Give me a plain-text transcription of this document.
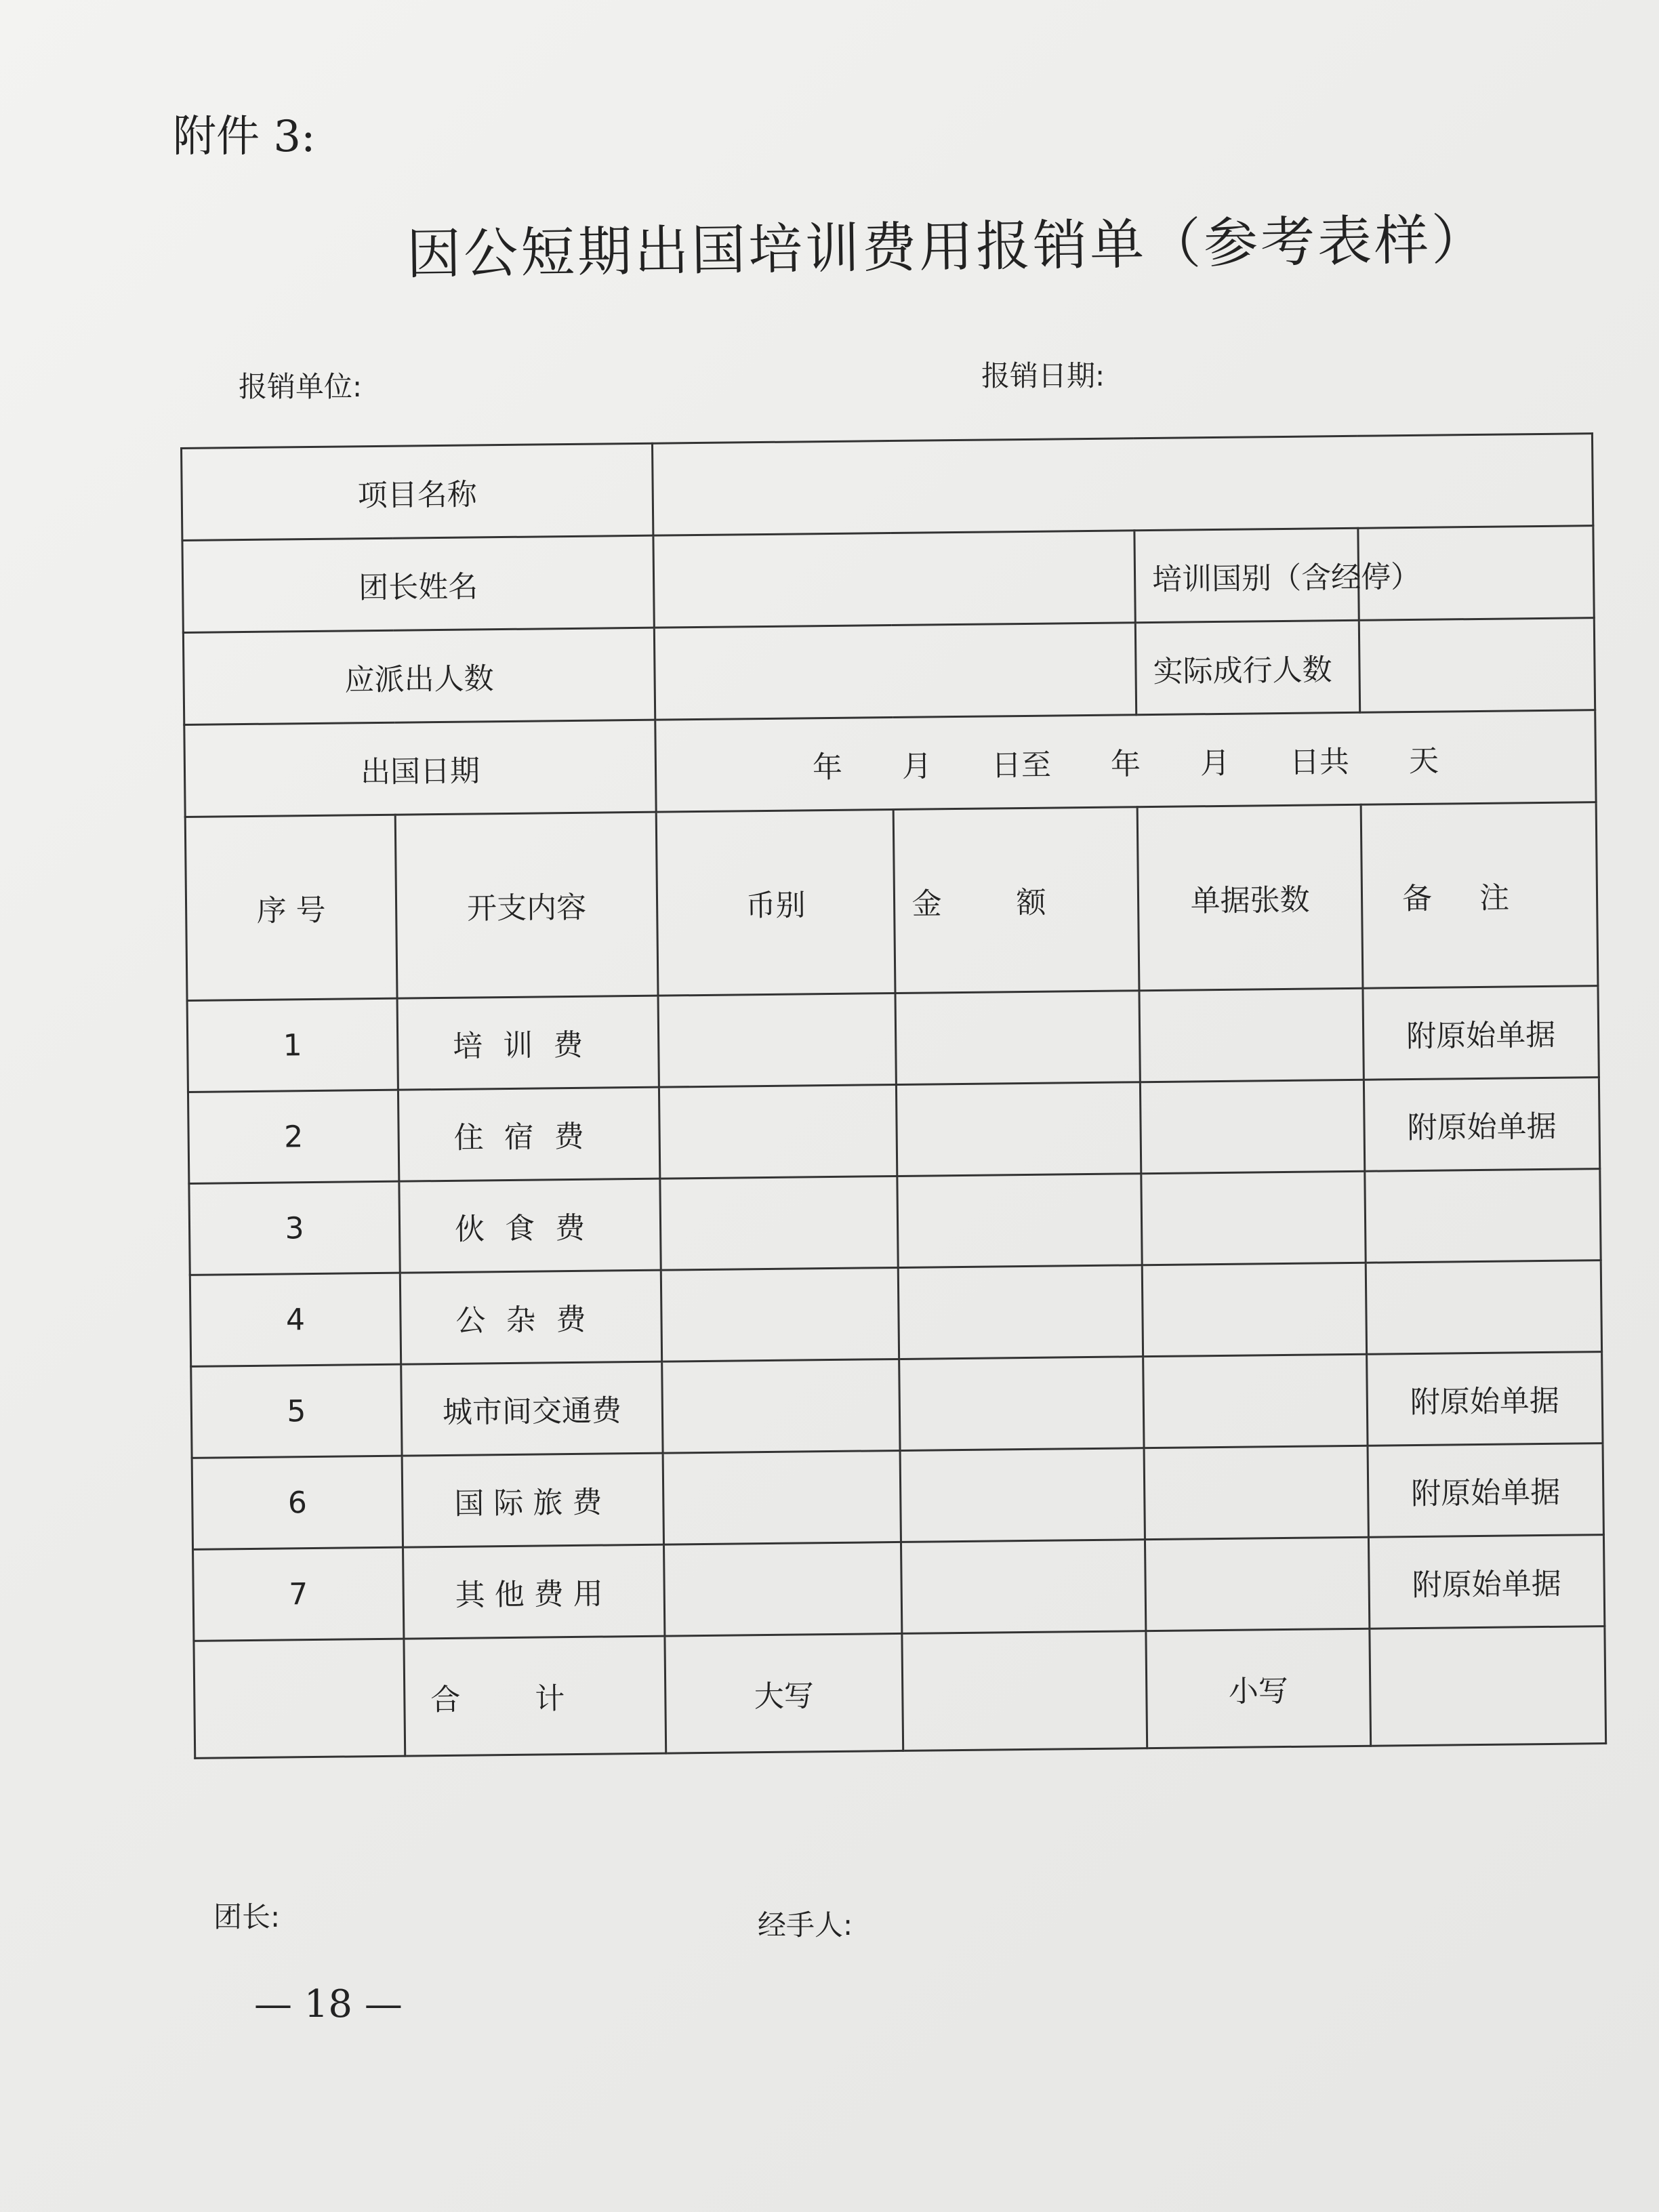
附件 3:
因公短期出国培训费用报销单（参考表样）
报销单位:	报销日期:
项目名称					
团长姓名				培训国别（含经停）	
应派出人数				实际成行人数	
出国日期		年　　月　　日至　　年　　月　　日共　　天			
序 号	开支内容	币别	金额	单据张数	备注
1	培训费				附原始单据
2	住宿费				附原始单据
3	伙食费				
4	公杂费				
5	城市间交通费				附原始单据
6	国际旅费				附原始单据
7	其他费用				附原始单据
	合计	大写		小写	
团长:	经手人:
— 18 —
